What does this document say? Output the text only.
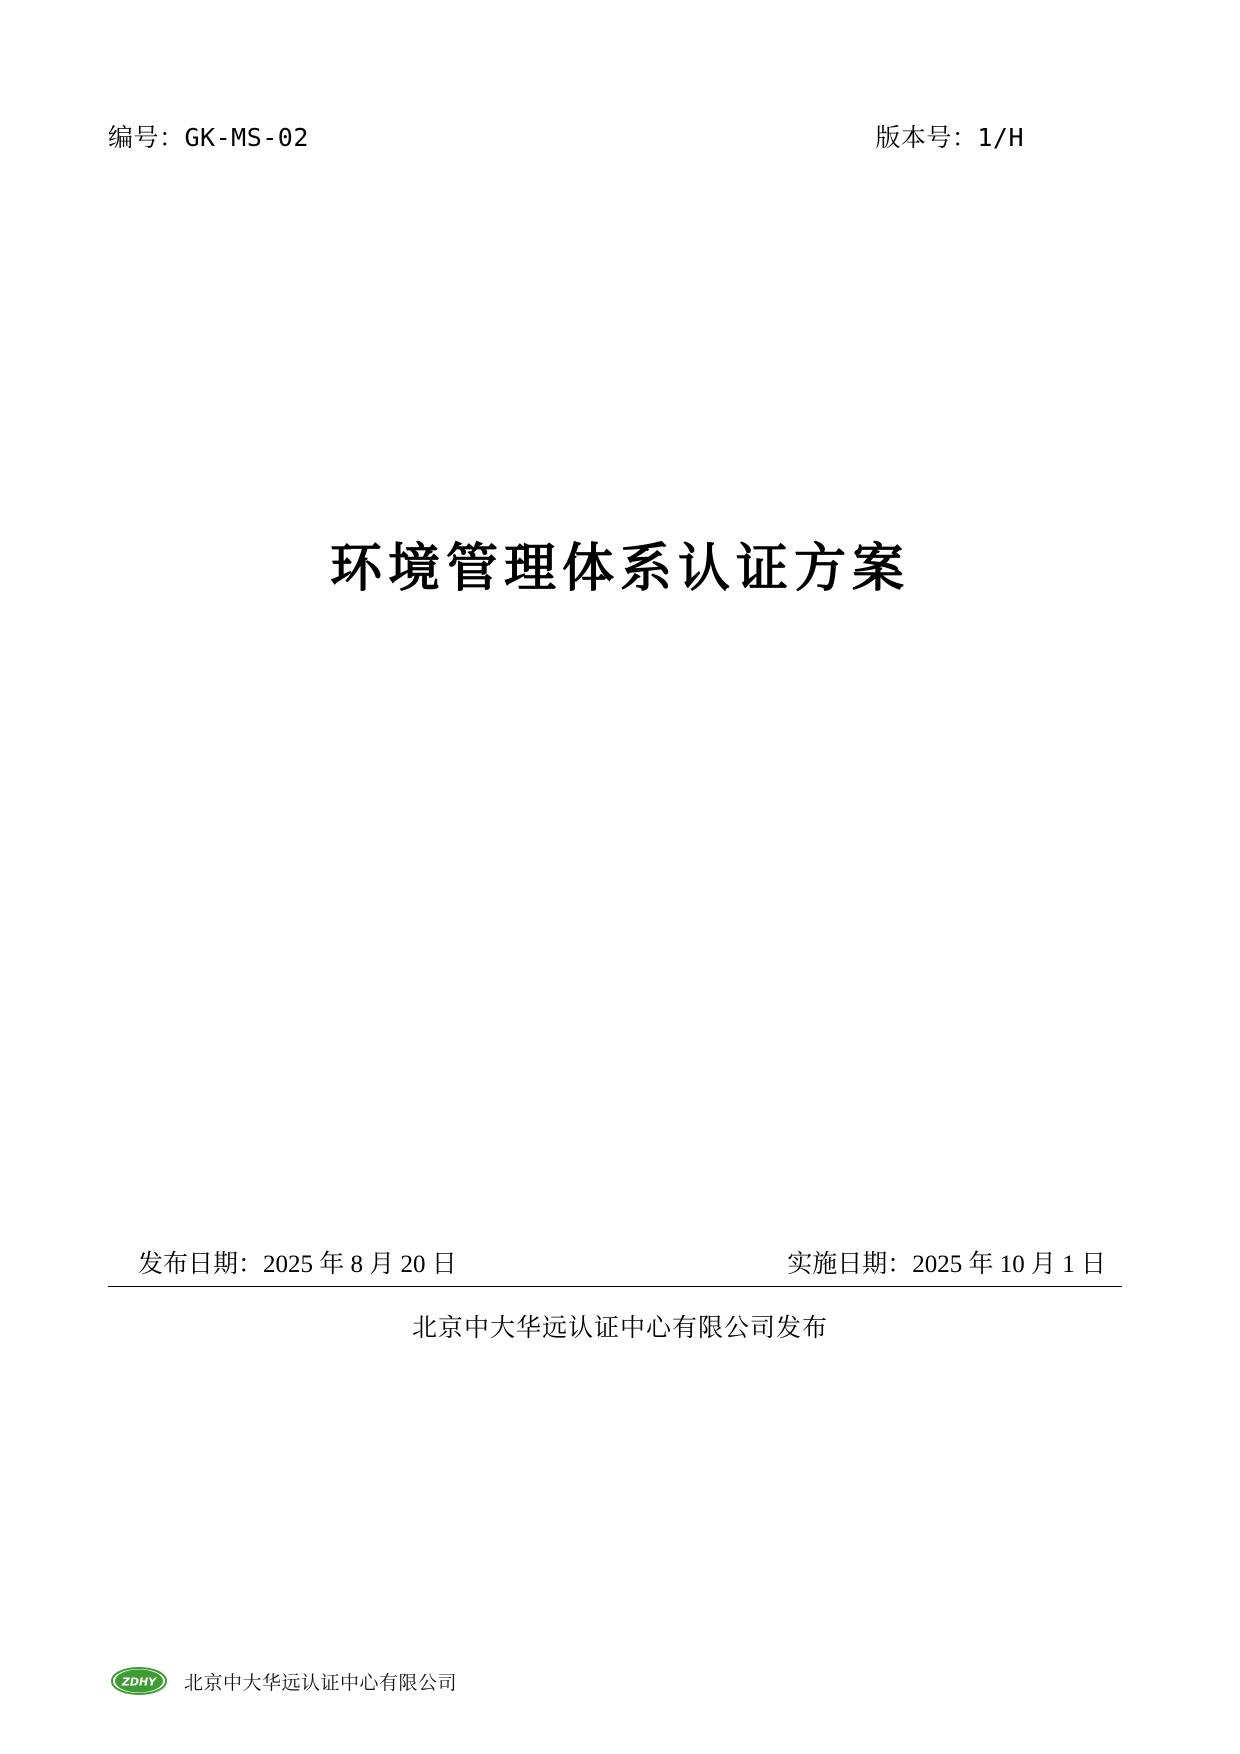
编号：GK-MS-02	版本号：1/H
环境管理体系认证方案
发布日期：2025 年 8 月 20 日	实施日期：2025 年 10 月 1 日
北京中大华远认证中心有限公司发布
ZDHY 北京中大华远认证中心有限公司
